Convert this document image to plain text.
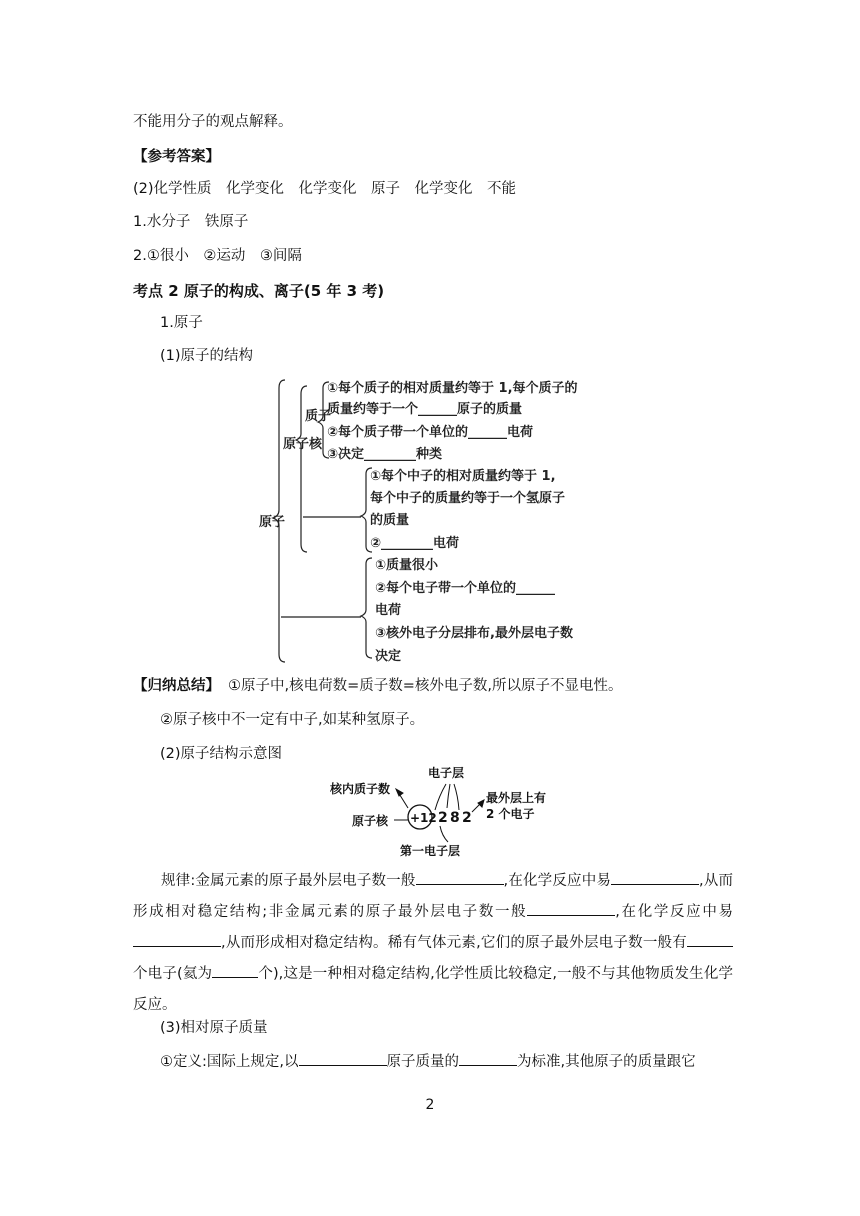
不能用分子的观点解释。
【参考答案】
(2)化学性质　化学变化　化学变化　原子　化学变化　不能
1.水分子　铁原子
2.①很小　②运动　③间隔
考点 2 原子的构成、离子(5 年 3 考)
1.原子
(1)原子的结构
原子
原子核
质子
①每个质子的相对质量约等于 1,每个质子的
质量约等于一个______原子的质量
②每个质子带一个单位的______电荷
③决定________种类
①每个中子的相对质量约等于 1,
每个中子的质量约等于一个氢原子
的质量
②________电荷
①质量很小
②每个电子带一个单位的______
电荷
③核外电子分层排布,最外层电子数
决定
【归纳总结】 ①原子中,核电荷数=质子数=核外电子数,所以原子不显电性。
②原子核中不一定有中子,如某种氢原子。
(2)原子结构示意图
+12 2 8 2
核内质子数
原子核
电子层
第一电子层
最外层上有
2 个电子
规律:金属元素的原子最外层电子数一般	,在化学反应中易	,从而形成相对稳定结构;非金属元素的原子最外层电子数一般	,在化学反应中易,从而形成相对稳定结构。稀有气体元素,它们的原子最外层电子数一般有个电子(氦为	个),这是一种相对稳定结构,化学性质比较稳定,一般不与其他物质发生化学反应。
(3)相对原子质量
①定义:国际上规定,以	原子质量的	为标准,其他原子的质量跟它
2
